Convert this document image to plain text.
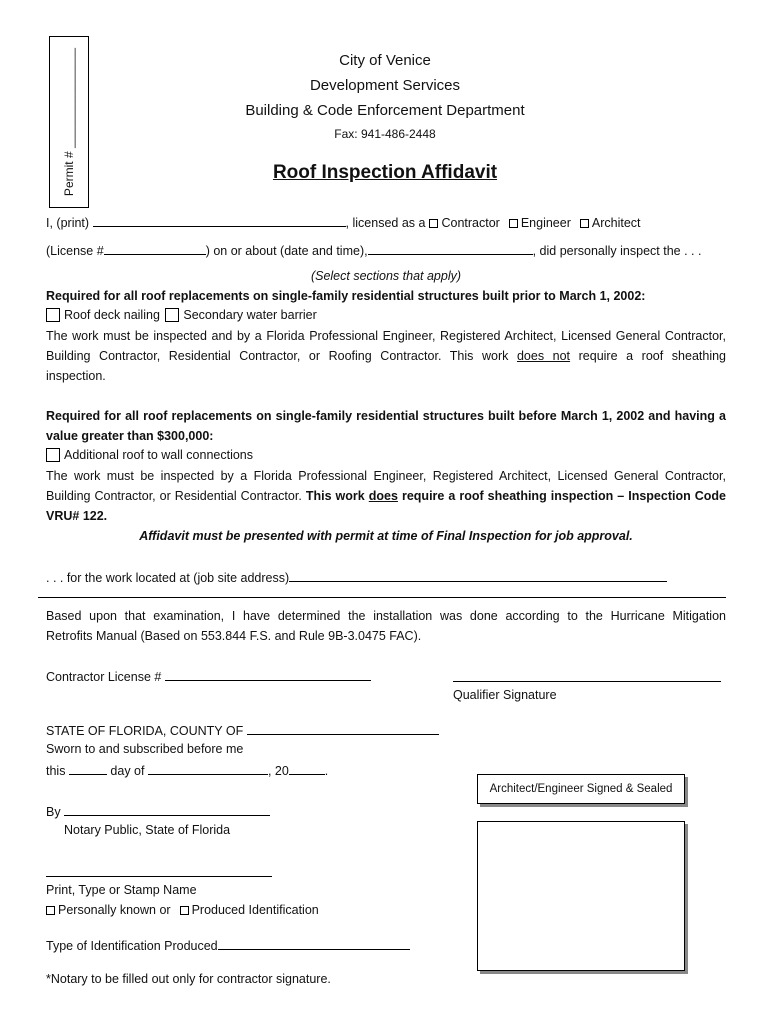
Permit # _______________	City of Venice
Development Services
Building & Code Enforcement Department
Fax: 941-486-2448
Roof Inspection Affidavit
I, (print)	, licensed as a Contractor Engineer Architect
(License #	) on or about (date and time),	, did personally inspect the . . .
(Select sections that apply)
Required for all roof replacements on single-family residential structures built prior to March 1, 2002:
Roof deck nailing Secondary water barrier
The work must be inspected and by a Florida Professional Engineer, Registered Architect, Licensed General Contractor,
Building Contractor, Residential Contractor, or Roofing Contractor. This work does not require a roof sheathing
inspection.
Required for all roof replacements on single-family residential structures built before March 1, 2002 and having a
value greater than $300,000:
Additional roof to wall connections
The work must be inspected by a Florida Professional Engineer, Registered Architect, Licensed General Contractor,
Building Contractor, or Residential Contractor. This work does require a roof sheathing inspection – Inspection Code
VRU# 122.
Affidavit must be presented with permit at time of Final Inspection for job approval.
. . . for the work located at (job site address)
Based upon that examination, I have determined the installation was done according to the Hurricane Mitigation
Retrofits Manual (Based on 553.844 F.S. and Rule 9B-3.0475 FAC).
Contractor License #
Qualifier Signature
STATE OF FLORIDA, COUNTY OF
Sworn to and subscribed before me
this	day of	, 20	.
By
Notary Public, State of Florida
Print, Type or Stamp Name
Personally known or Produced Identification
Type of Identification Produced
*Notary to be filled out only for contractor signature.
Architect/Engineer Signed & Sealed
